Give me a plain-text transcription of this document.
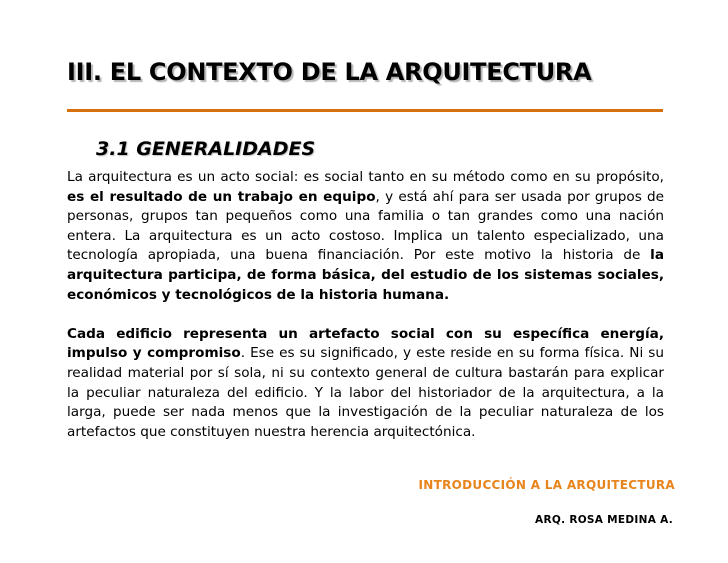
III. EL CONTEXTO DE LA ARQUITECTURA
3.1 GENERALIDADES

La arquitectura es un acto social: es social tanto en su método como en su propósito, es el resultado de un trabajo en equipo, y está ahí para ser usada por grupos de personas, grupos tan pequeños como una familia o tan grandes como una nación entera. La arquitectura es un acto costoso. Implica un talento especializado, una tecnología apropiada, una buena financiación. Por este motivo la historia de la arquitectura participa, de forma básica, del estudio de los sistemas sociales, económicos y tecnológicos de la historia humana.

Cada edificio representa un artefacto social con su específica energía, impulso y compromiso. Ese es su significado, y este reside en su forma física. Ni su realidad material por sí sola, ni su contexto general de cultura bastarán para explicar la peculiar naturaleza del edificio. Y la labor del historiador de la arquitectura, a la larga, puede ser nada menos que la investigación de la peculiar naturaleza de los artefactos que constituyen nuestra herencia arquitectónica.

INTRODUCCIÓN A LA ARQUITECTURA
ARQ. ROSA MEDINA A.
